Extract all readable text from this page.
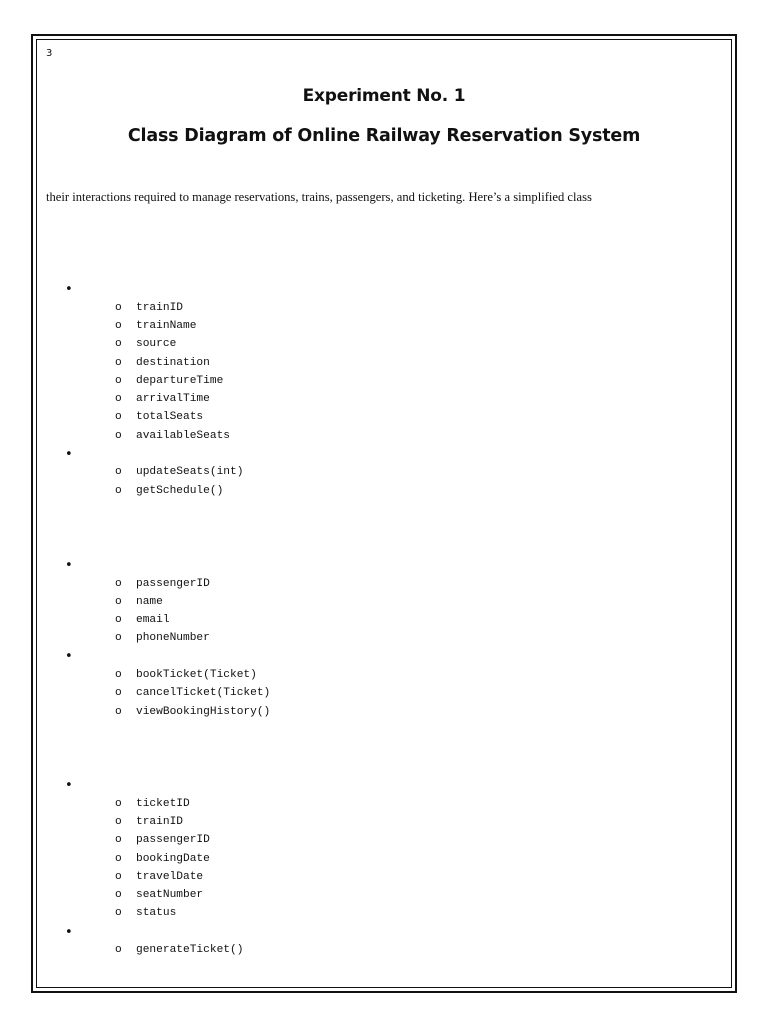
3
Experiment No. 1
Class Diagram of Online Railway Reservation System
their interactions required to manage reservations, trains, passengers, and ticketing. Here’s a simplified class
•
o trainID
o trainName
o source
o destination
o departureTime
o arrivalTime
o totalSeats
o availableSeats
•
o updateSeats(int)
o getSchedule()
•
o passengerID
o name
o email
o phoneNumber
•
o bookTicket(Ticket)
o cancelTicket(Ticket)
o viewBookingHistory()
•
o ticketID
o trainID
o passengerID
o bookingDate
o travelDate
o seatNumber
o status
•
o generateTicket()
